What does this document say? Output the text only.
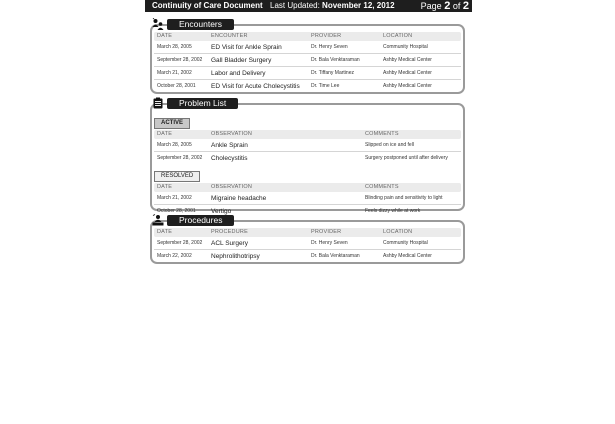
Continuity of Care Document Last Updated: November 12, 2012	Page 2 of 2
Encounters
DATE	ENCOUNTER	PROVIDER	LOCATION
March 28, 2005	ED Visit for Ankle Sprain	Dr. Henry Seven	Community Hospital
September 28, 2002	Gall Bladder Surgery	Dr. Bala Venktaraman	Ashby Medical Center
March 21, 2002	Labor and Delivery	Dr. Tiffany Martinez	Ashby Medical Center
October 28, 2001	ED Visit for Acute Cholecystitis	Dr. Time Lee	Ashby Medical Center
Problem List
ACTIVE
DATE	OBSERVATION	COMMENTS
March 28, 2005	Ankle Sprain	Slipped on ice and fell
September 28, 2002	Cholecystitis	Surgery postponed until after delivery
RESOLVED
DATE	OBSERVATION	COMMENTS
March 21, 2002	Migraine headache	Blinding pain and sensitivity to light
October 28, 2001	Vertigo	Feels dizzy while at work
Procedures
DATE	PROCEDURE	PROVIDER	LOCATION
September 28, 2002	ACL Surgery	Dr. Henry Seven	Community Hospital
March 22, 2002	Nephrolithotripsy	Dr. Bala Venktaraman	Ashby Medical Center
